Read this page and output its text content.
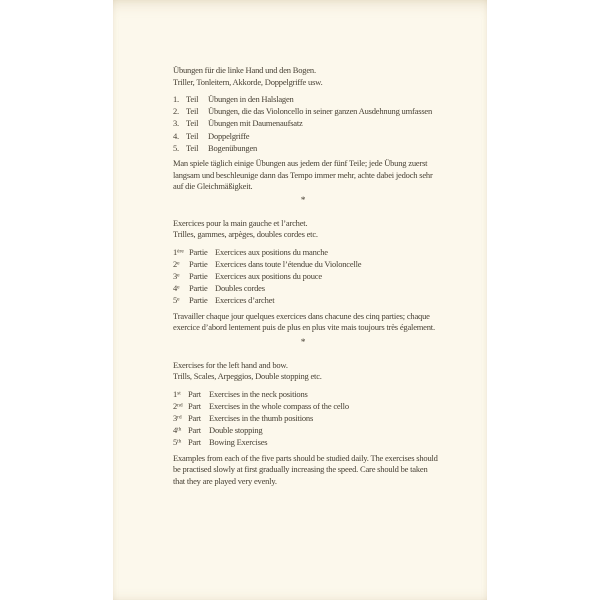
Übungen für die linke Hand und den Bogen.
Triller, Tonleitern, Akkorde, Doppelgriffe usw.
1. Teil	Übungen in den Halslagen
2. Teil	Übungen, die das Violoncello in seiner ganzen Ausdehnung umfassen
3. Teil	Übungen mit Daumenaufsatz
4. Teil	Doppelgriffe
5. Teil	Bogenübungen
Man spiele täglich einige Übungen aus jedem der fünf Teile; jede Übung zuerst
langsam und beschleunige dann das Tempo immer mehr, achte dabei jedoch sehr
auf die Gleichmäßigkeit.
*
Exercices pour la main gauche et l’archet.
Trilles, gammes, arpèges, doubles cordes etc.
1ère Partie Exercices aux positions du manche
2e	Partie Exercices dans toute l’étendue du Violoncelle
3e	Partie Exercices aux positions du pouce
4e	Partie Doubles cordes
5e	Partie Exercices d’archet
Travailler chaque jour quelques exercices dans chacune des cinq parties; chaque
exercice d’abord lentement puis de plus en plus vite mais toujours très également.
*
Exercises for the left hand and bow.
Trills, Scales, Arpeggios, Double stopping etc.
1st Part Exercises in the neck positions
2nd Part Exercises in the whole compass of the cello
3rd Part Exercises in the thumb positions
4th Part Double stopping
5th Part Bowing Exercises
Examples from each of the five parts should be studied daily. The exercises should
be practised slowly at first gradually increasing the speed. Care should be taken
that they are played very evenly.
